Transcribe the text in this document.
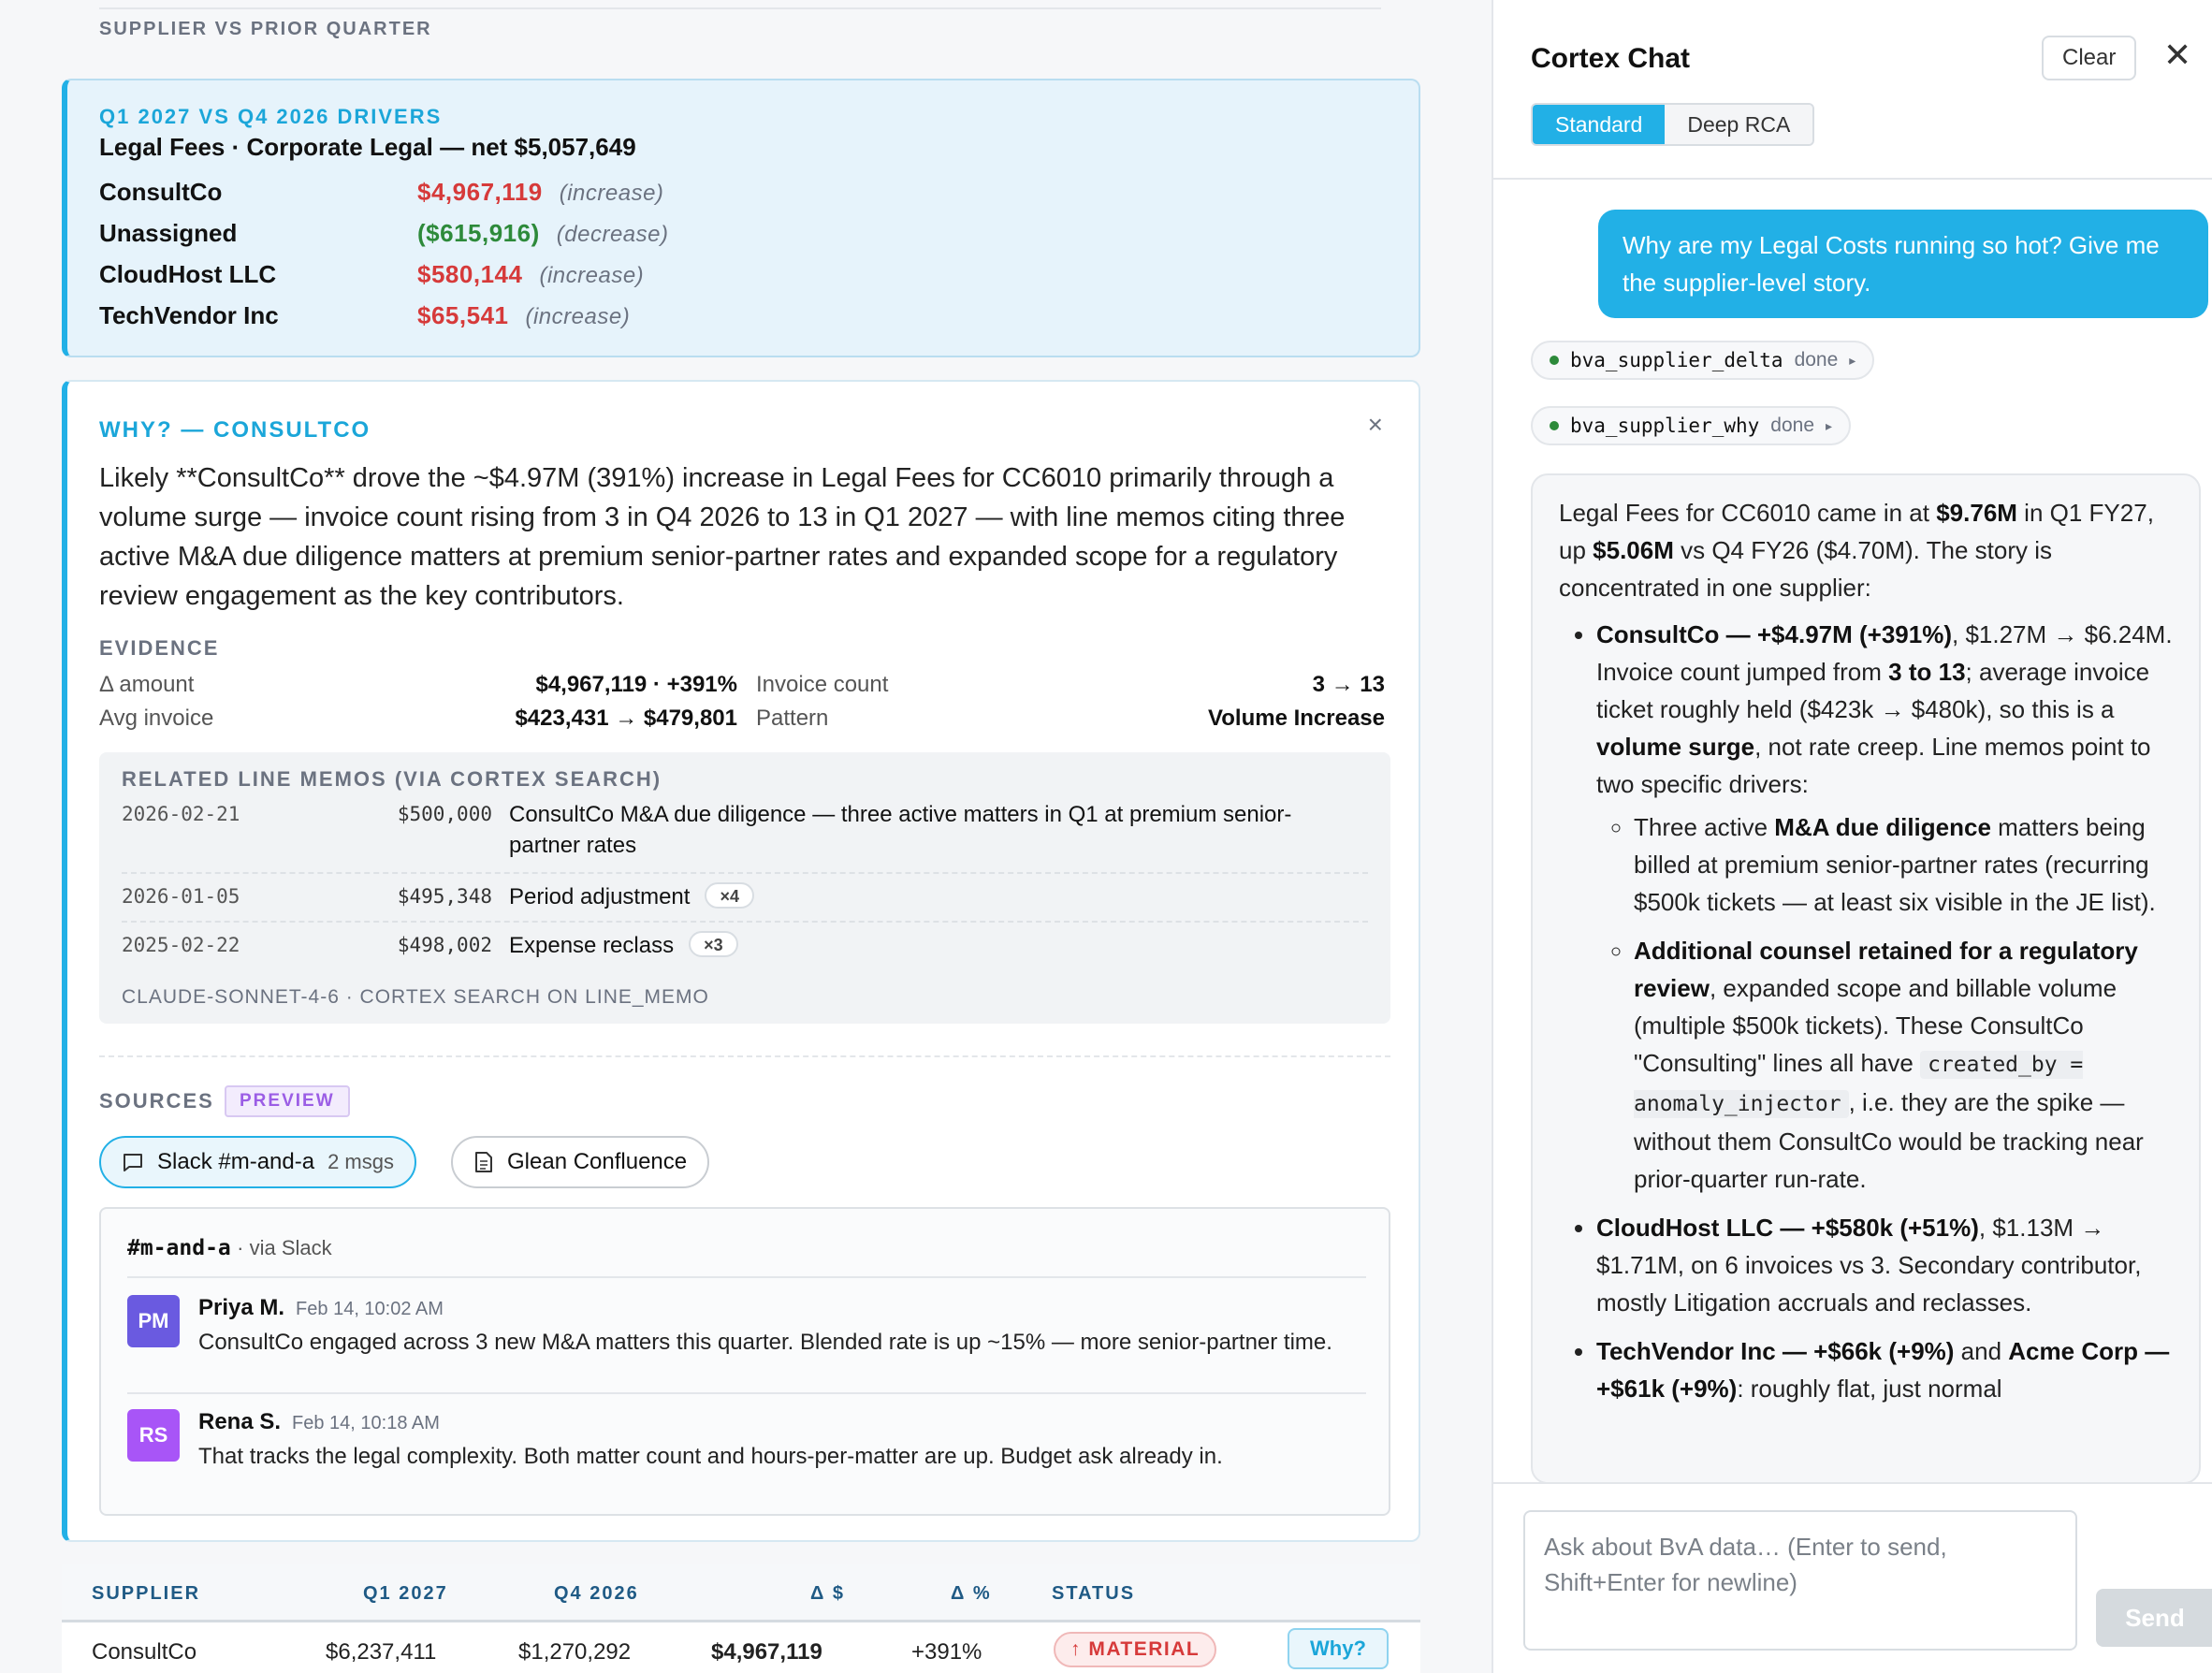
SUPPLIER VS PRIOR QUARTER
Q1 2027 VS Q4 2026 DRIVERS
Legal Fees · Corporate Legal — net $5,057,649
ConsultCo	$4,967,119 (increase)
Unassigned	($615,916) (decrease)
CloudHost LLC	$580,144 (increase)
TechVendor Inc	$65,541 (increase)
WHY? — CONSULTCO	×
Likely **ConsultCo** drove the ~$4.97M (391%) increase in Legal Fees for CC6010 primarily through a volume surge — invoice count rising from 3 in Q4 2026 to 13 in Q1 2027 — with line memos citing three active M&A due diligence matters at premium senior-partner rates and expanded scope for a regulatory review engagement as the key contributors.
EVIDENCE
Δ amount	$4,967,119 · +391% Invoice count	3 → 13
Avg invoice	$423,431 → $479,801 Pattern	Volume Increase
RELATED LINE MEMOS (VIA CORTEX SEARCH)
2026-02-21	$500,000 ConsultCo M&A due diligence — three active matters in Q1 at premium senior-partner rates
2026-01-05	$495,348 Period adjustment ×4
2025-02-22	$498,002 Expense reclass ×3
CLAUDE-SONNET-4-6 · CORTEX SEARCH ON LINE_MEMO
SOURCES	PREVIEW
Slack #m-and-a 2 msgs	Glean Confluence
#m-and-a · via Slack
PM
Priya M. Feb 14, 10:02 AM
ConsultCo engaged across 3 new M&A matters this quarter. Blended rate is up ~15% — more senior-partner time.
RS
Rena S. Feb 14, 10:18 AM
That tracks the legal complexity. Both matter count and hours-per-matter are up. Budget ask already in.
SUPPLIER	Q1 2027	Q4 2026	Δ $	Δ %	STATUS
ConsultCo	$6,237,411	$1,270,292	$4,967,119	+391%	↑ MATERIAL	Why?
Cortex Chat	Clear	✕
Standard	Deep RCA
Why are my Legal Costs running so hot? Give me the supplier-level story.
bva_supplier_delta done ▸
bva_supplier_why done ▸
Legal Fees for CC6010 came in at $9.76M in Q1 FY27, up $5.06M vs Q4 FY26 ($4.70M). The story is concentrated in one supplier:
• ConsultCo — +$4.97M (+391%), $1.27M → $6.24M. Invoice count jumped from 3 to 13; average invoice ticket roughly held ($423k → $480k), so this is a volume surge, not rate creep. Line memos point to two specific drivers:
◦ Three active M&A due diligence matters being billed at premium senior-partner rates (recurring $500k tickets — at least six visible in the JE list).
◦ Additional counsel retained for a regulatory review, expanded scope and billable volume (multiple $500k tickets). These ConsultCo "Consulting" lines all have created_by = anomaly_injector , i.e. they are the spike — without them ConsultCo would be tracking near prior-quarter run-rate.
• CloudHost LLC — +$580k (+51%), $1.13M → $1.71M, on 6 invoices vs 3. Secondary contributor, mostly Litigation accruals and reclasses.
• TechVendor Inc — +$66k (+9%) and Acme Corp — +$61k (+9%): roughly flat, just normal
Ask about BvA data… (Enter to send, Shift+Enter for newline)
Send
